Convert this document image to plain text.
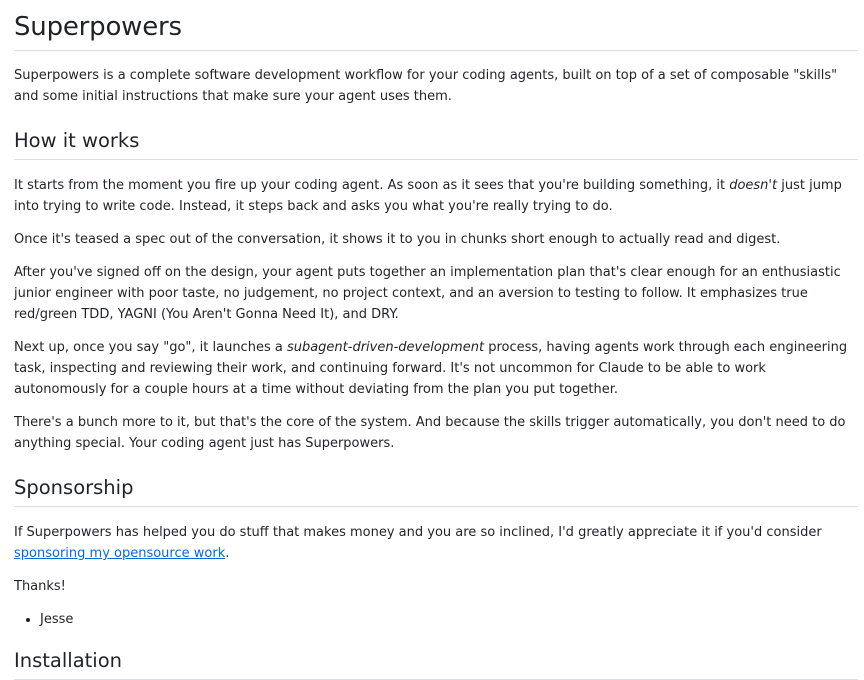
Superpowers

Superpowers is a complete software development workflow for your coding agents, built on top of a set of composable "skills" and some initial instructions that make sure your agent uses them.

How it works

It starts from the moment you fire up your coding agent. As soon as it sees that you're building something, it doesn't just jump into trying to write code. Instead, it steps back and asks you what you're really trying to do.

Once it's teased a spec out of the conversation, it shows it to you in chunks short enough to actually read and digest.

After you've signed off on the design, your agent puts together an implementation plan that's clear enough for an enthusiastic junior engineer with poor taste, no judgement, no project context, and an aversion to testing to follow. It emphasizes true red/green TDD, YAGNI (You Aren't Gonna Need It), and DRY.

Next up, once you say "go", it launches a subagent-driven-development process, having agents work through each engineering task, inspecting and reviewing their work, and continuing forward. It's not uncommon for Claude to be able to work autonomously for a couple hours at a time without deviating from the plan you put together.

There's a bunch more to it, but that's the core of the system. And because the skills trigger automatically, you don't need to do anything special. Your coding agent just has Superpowers.

Sponsorship

If Superpowers has helped you do stuff that makes money and you are so inclined, I'd greatly appreciate it if you'd consider sponsoring my opensource work.

Thanks!

• Jesse
Installation
